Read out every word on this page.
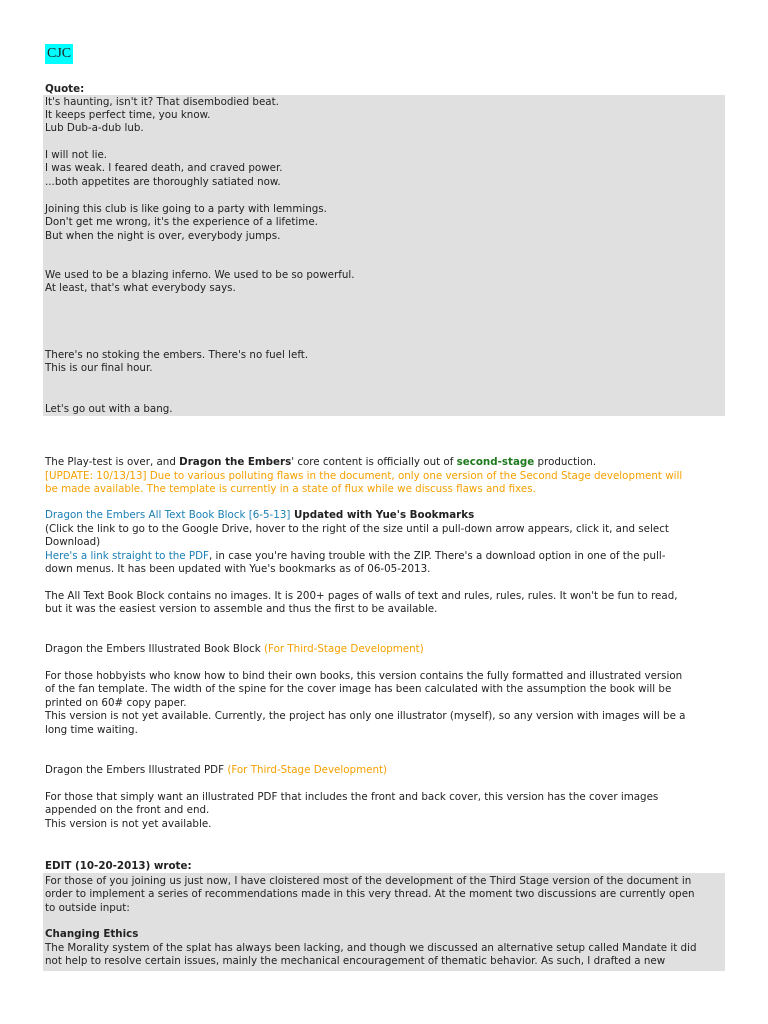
CJC
Quote:
It's haunting, isn't it? That disembodied beat.
It keeps perfect time, you know.
Lub Dub-a-dub lub.
I will not lie.
I was weak. I feared death, and craved power.
...both appetites are thoroughly satiated now.
Joining this club is like going to a party with lemmings.
Don't get me wrong, it's the experience of a lifetime.
But when the night is over, everybody jumps.
We used to be a blazing inferno. We used to be so powerful.
At least, that's what everybody says.
There's no stoking the embers. There's no fuel left.
This is our final hour.
Let's go out with a bang.
The Play-test is over, and Dragon the Embers' core content is officially out of second-stage production.
[UPDATE: 10/13/13] Due to various polluting flaws in the document, only one version of the Second Stage development will
be made available. The template is currently in a state of flux while we discuss flaws and fixes.
Dragon the Embers All Text Book Block [6-5-13] Updated with Yue's Bookmarks
(Click the link to go to the Google Drive, hover to the right of the size until a pull-down arrow appears, click it, and select
Download)
Here's a link straight to the PDF, in case you're having trouble with the ZIP. There's a download option in one of the pull-
down menus. It has been updated with Yue's bookmarks as of 06-05-2013.
The All Text Book Block contains no images. It is 200+ pages of walls of text and rules, rules, rules. It won't be fun to read,
but it was the easiest version to assemble and thus the first to be available.
Dragon the Embers Illustrated Book Block (For Third-Stage Development)
For those hobbyists who know how to bind their own books, this version contains the fully formatted and illustrated version
of the fan template. The width of the spine for the cover image has been calculated with the assumption the book will be
printed on 60# copy paper.
This version is not yet available. Currently, the project has only one illustrator (myself), so any version with images will be a
long time waiting.
Dragon the Embers Illustrated PDF (For Third-Stage Development)
For those that simply want an illustrated PDF that includes the front and back cover, this version has the cover images
appended on the front and end.
This version is not yet available.
EDIT (10-20-2013) wrote:
For those of you joining us just now, I have cloistered most of the development of the Third Stage version of the document in
order to implement a series of recommendations made in this very thread. At the moment two discussions are currently open
to outside input:
Changing Ethics
The Morality system of the splat has always been lacking, and though we discussed an alternative setup called Mandate it did
not help to resolve certain issues, mainly the mechanical encouragement of thematic behavior. As such, I drafted a new
